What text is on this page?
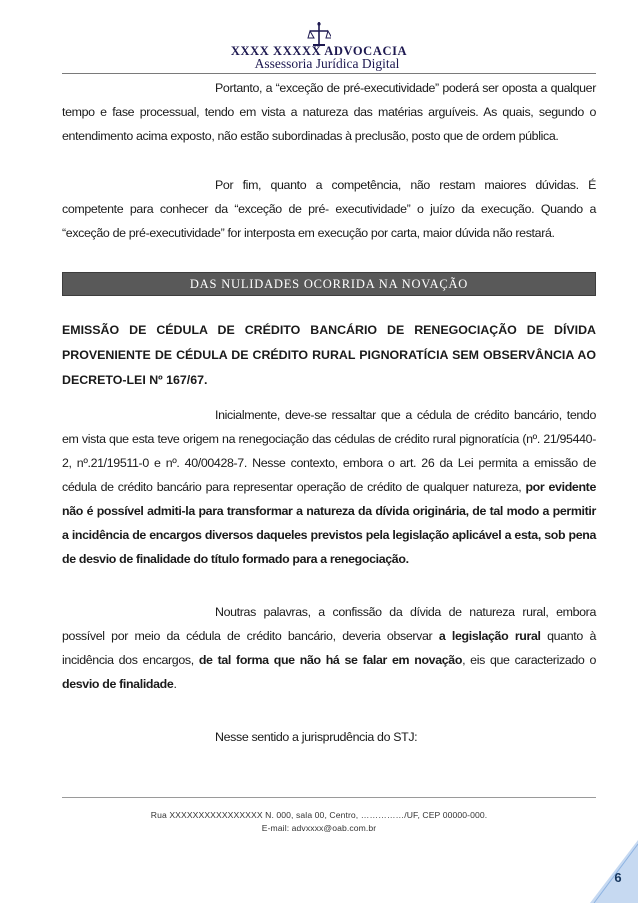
XXXX XXXXX ADVOCACIA
Assessoria Jurídica Digital

Portanto, a “exceção de pré-executividade” poderá ser oposta a qualquer tempo e fase processual, tendo em vista a natureza das matérias arguíveis. As quais, segundo o entendimento acima exposto, não estão subordinadas à preclusão, posto que de ordem pública.

Por fim, quanto a competência, não restam maiores dúvidas. É competente para conhecer da “exceção de pré- executividade” o juízo da execução. Quando a “exceção de pré-executividade” for interposta em execução por carta, maior dúvida não restará.

DAS NULIDADES OCORRIDA NA NOVAÇÃO
EMISSÃO DE CÉDULA DE CRÉDITO BANCÁRIO DE RENEGOCIAÇÃO DE DÍVIDA PROVENIENTE DE CÉDULA DE CRÉDITO RURAL PIGNORATÍCIA SEM OBSERVÂNCIA AO DECRETO-LEI Nº 167/67.

Inicialmente, deve-se ressaltar que a cédula de crédito bancário, tendo em vista que esta teve origem na renegociação das cédulas de crédito rural pignoratícia (nº. 21/95440-2, nº.21/19511-0 e nº. 40/00428-7. Nesse contexto, embora o art. 26 da Lei permita a emissão de cédula de crédito bancário para representar operação de crédito de qualquer natureza, por evidente não é possível admiti-la para transformar a natureza da dívida originária, de tal modo a permitir a incidência de encargos diversos daqueles previstos pela legislação aplicável a esta, sob pena de desvio de finalidade do título formado para a renegociação.

Noutras palavras, a confissão da dívida de natureza rural, embora possível por meio da cédula de crédito bancário, deveria observar a legislação rural quanto à incidência dos encargos, de tal forma que não há se falar em novação, eis que caracterizado o desvio de finalidade.

Nesse sentido a jurisprudência do STJ:

Rua XXXXXXXXXXXXXXXX N. 000, sala 00, Centro, ……………/UF, CEP 00000-000.
E-mail: advxxxx@oab.com.br
6
